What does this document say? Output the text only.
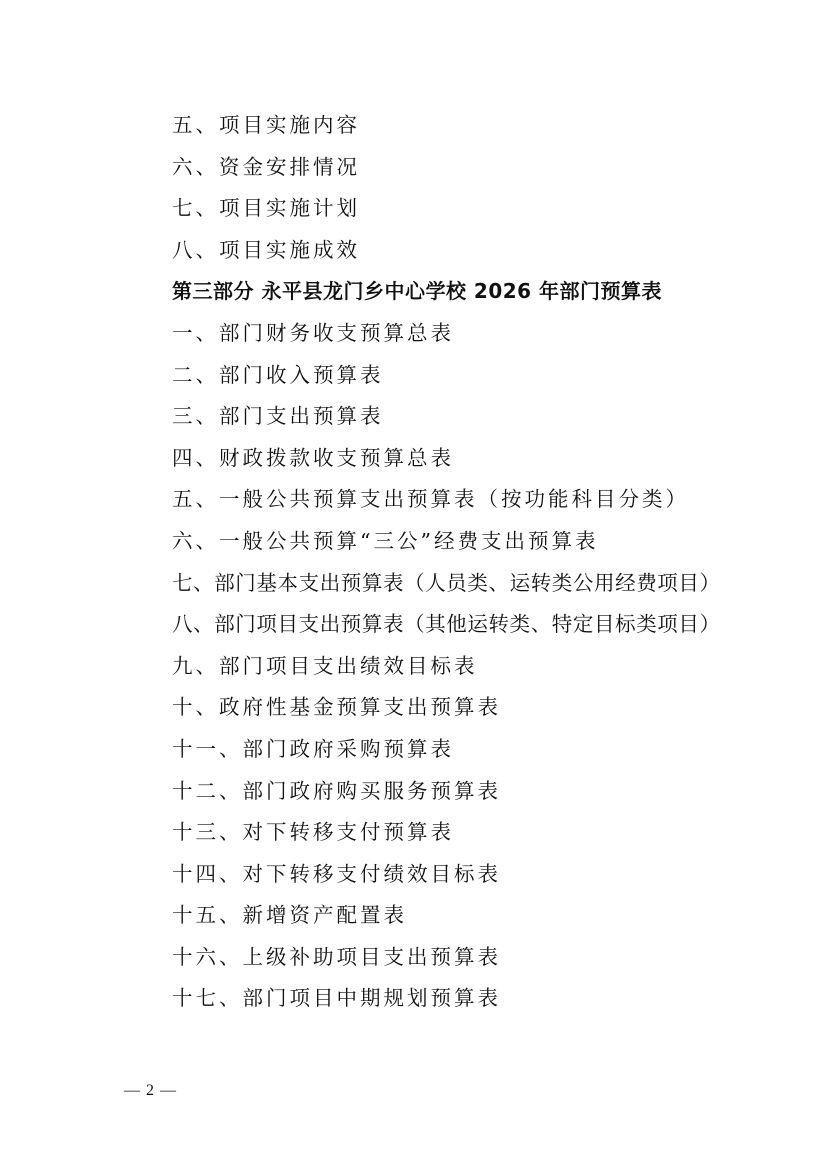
五、项目实施内容
六、资金安排情况
七、项目实施计划
八、项目实施成效
第三部分 永平县龙门乡中心学校 2026 年部门预算表
一、部门财务收支预算总表
二、部门收入预算表
三、部门支出预算表
四、财政拨款收支预算总表
五、一般公共预算支出预算表（按功能科目分类）
六、一般公共预算“三公”经费支出预算表
七、部门基本支出预算表（人员类、运转类公用经费项目）
八、部门项目支出预算表（其他运转类、特定目标类项目）
九、部门项目支出绩效目标表
十、政府性基金预算支出预算表
十一、部门政府采购预算表
十二、部门政府购买服务预算表
十三、对下转移支付预算表
十四、对下转移支付绩效目标表
十五、新增资产配置表
十六、上级补助项目支出预算表
十七、部门项目中期规划预算表
— 2 —
